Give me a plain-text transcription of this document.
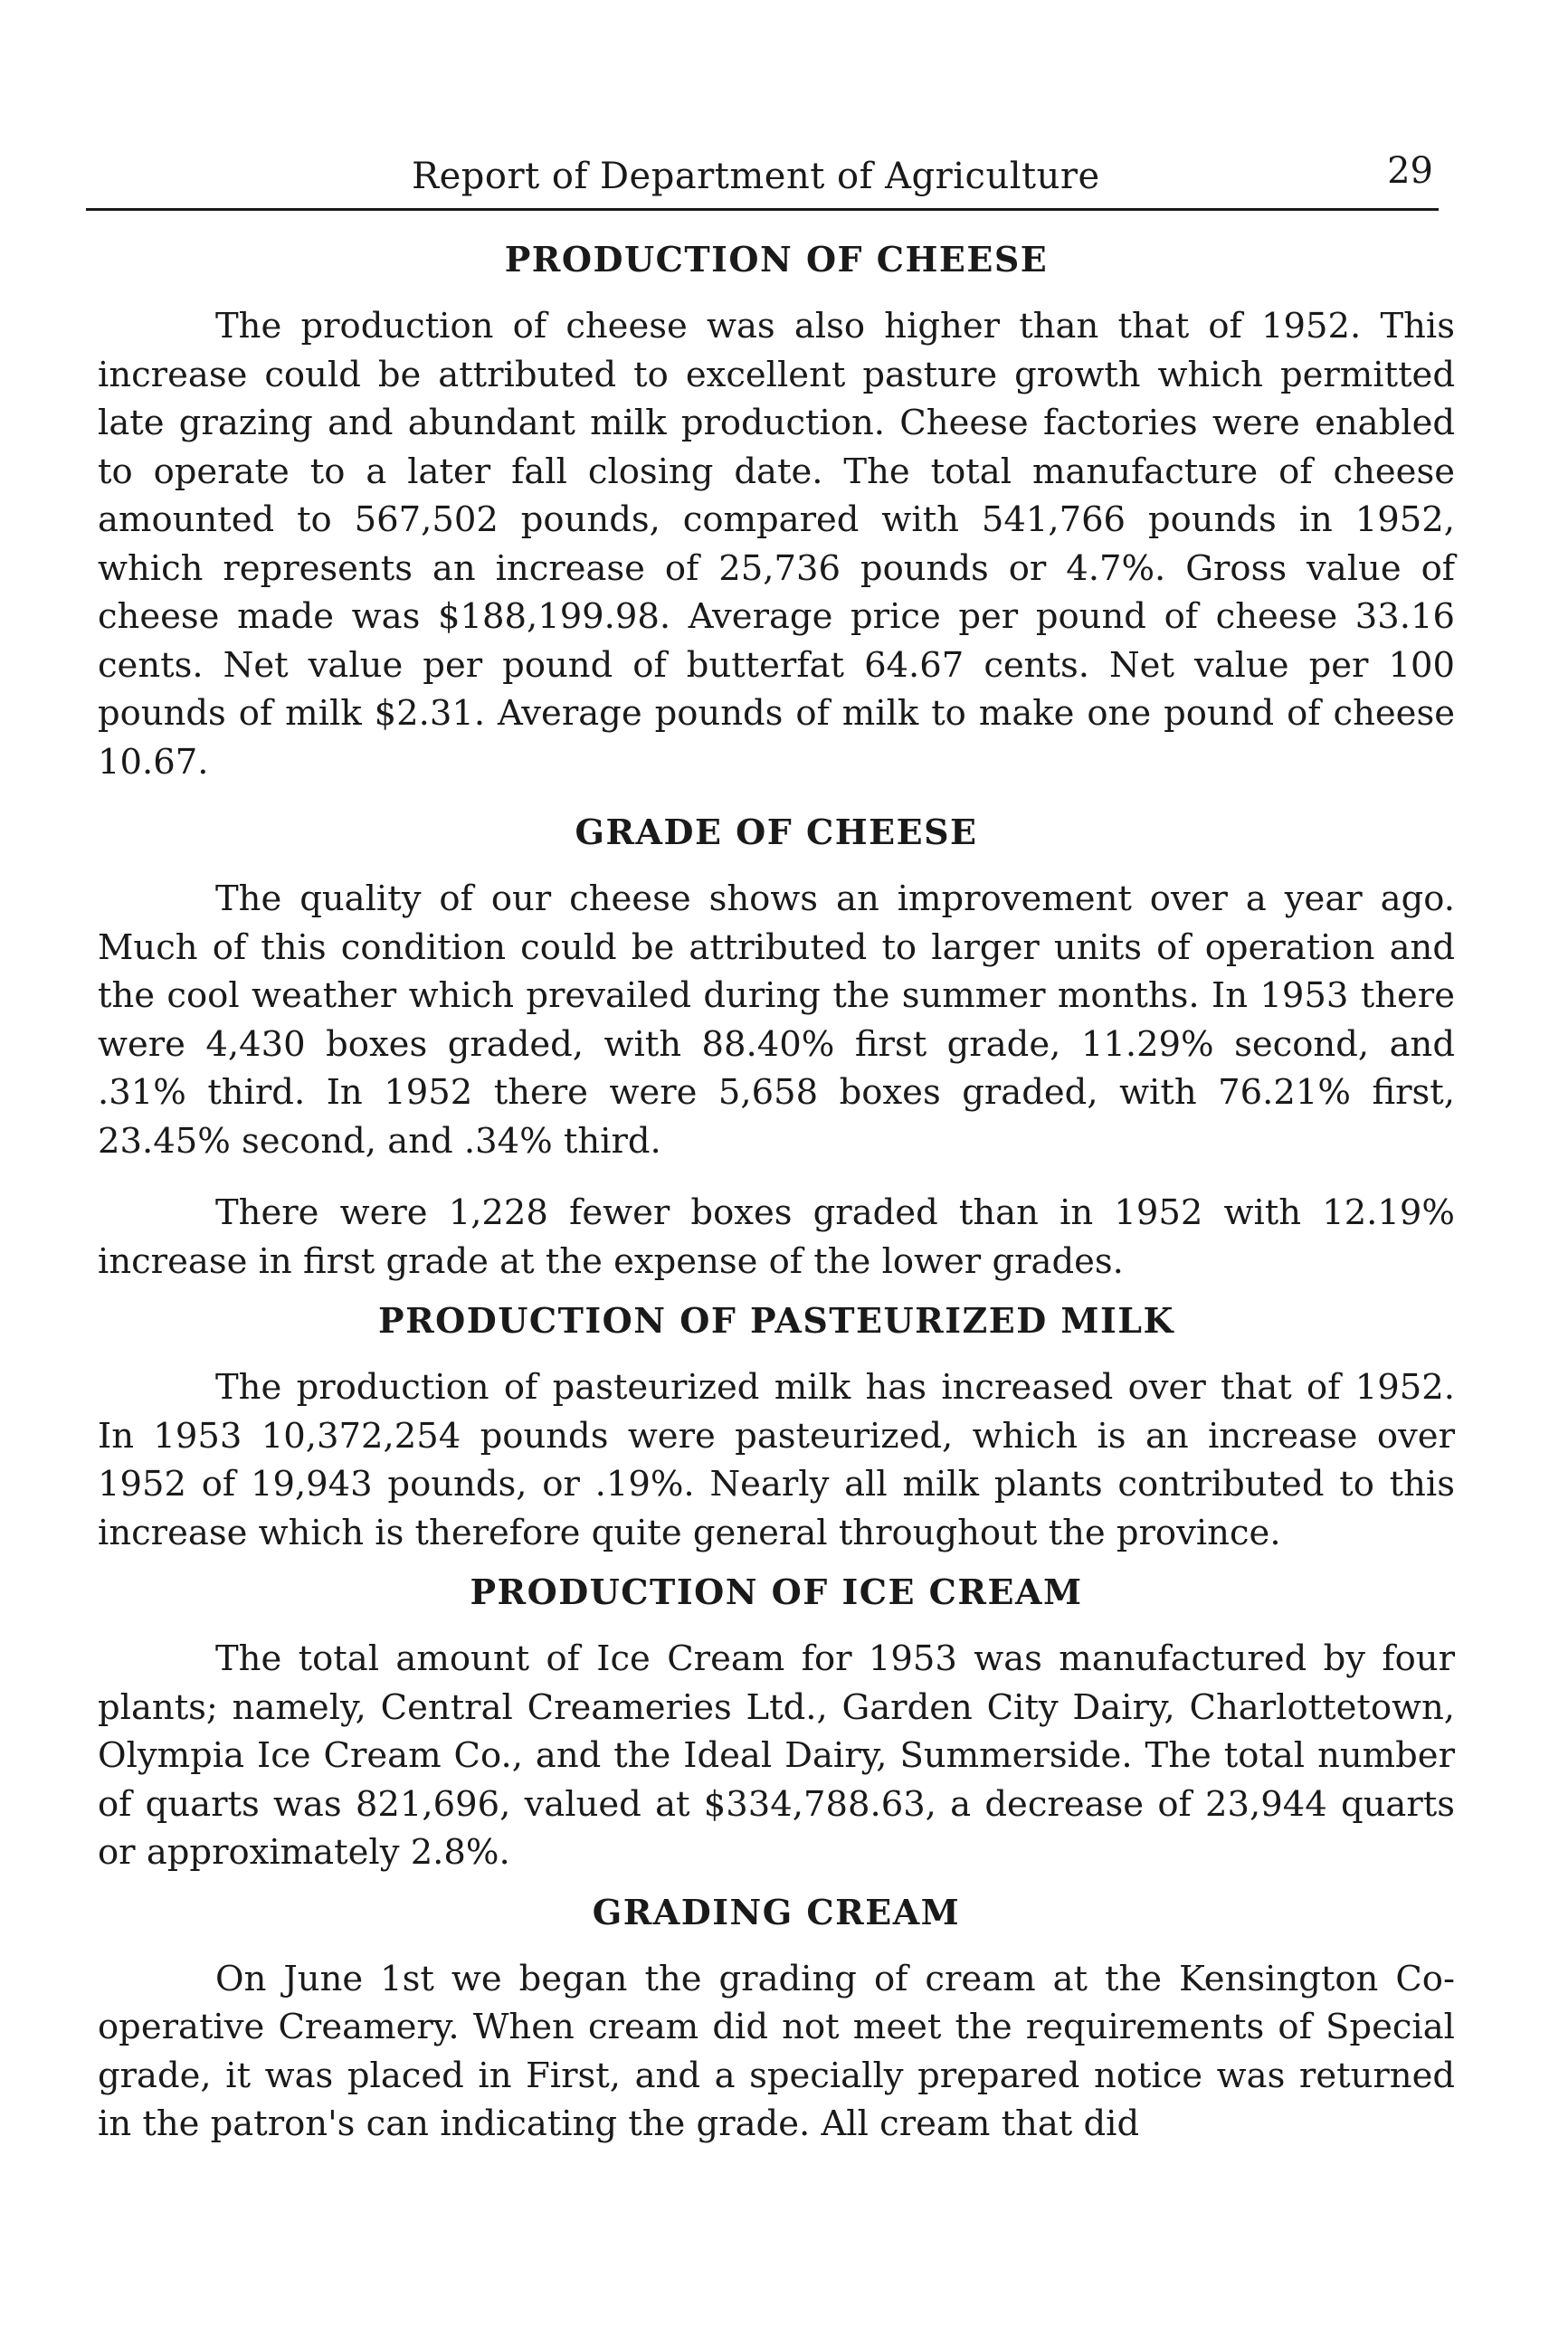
Report of Department of Agriculture	29
PRODUCTION OF CHEESE

The production of cheese was also higher than that of 1952. This increase could be attributed to excellent pasture growth which permitted late grazing and abundant milk production. Cheese factories were enabled to operate to a later fall closing date. The total manufacture of cheese amounted to 567,502 pounds, compared with 541,766 pounds in 1952, which represents an increase of 25,736 pounds or 4.7%. Gross value of cheese made was $188,199.98. Average price per pound of cheese 33.16 cents. Net value per pound of butterfat 64.67 cents. Net value per 100 pounds of milk $2.31. Average pounds of milk to make one pound of cheese 10.67.

GRADE OF CHEESE

The quality of our cheese shows an improvement over a year ago. Much of this condition could be attributed to larger units of operation and the cool weather which prevailed during the summer months. In 1953 there were 4,430 boxes graded, with 88.40% first grade, 11.29% second, and .31% third. In 1952 there were 5,658 boxes graded, with 76.21% first, 23.45% second, and .34% third.

There were 1,228 fewer boxes graded than in 1952 with 12.19% increase in first grade at the expense of the lower grades.

PRODUCTION OF PASTEURIZED MILK

The production of pasteurized milk has increased over that of 1952. In 1953 10,372,254 pounds were pasteurized, which is an increase over 1952 of 19,943 pounds, or .19%. Nearly all milk plants contributed to this increase which is therefore quite general throughout the province.

PRODUCTION OF ICE CREAM

The total amount of Ice Cream for 1953 was manufactured by four plants; namely, Central Creameries Ltd., Garden City Dairy, Charlottetown, Olympia Ice Cream Co., and the Ideal Dairy, Summerside. The total number of quarts was 821,696, valued at $334,788.63, a decrease of 23,944 quarts or approximately 2.8%.

GRADING CREAM

On June 1st we began the grading of cream at the Kensington Co-operative Creamery. When cream did not meet the requirements of Special grade, it was placed in First, and a specially prepared notice was returned in the patron's can indicating the grade. All cream that did
